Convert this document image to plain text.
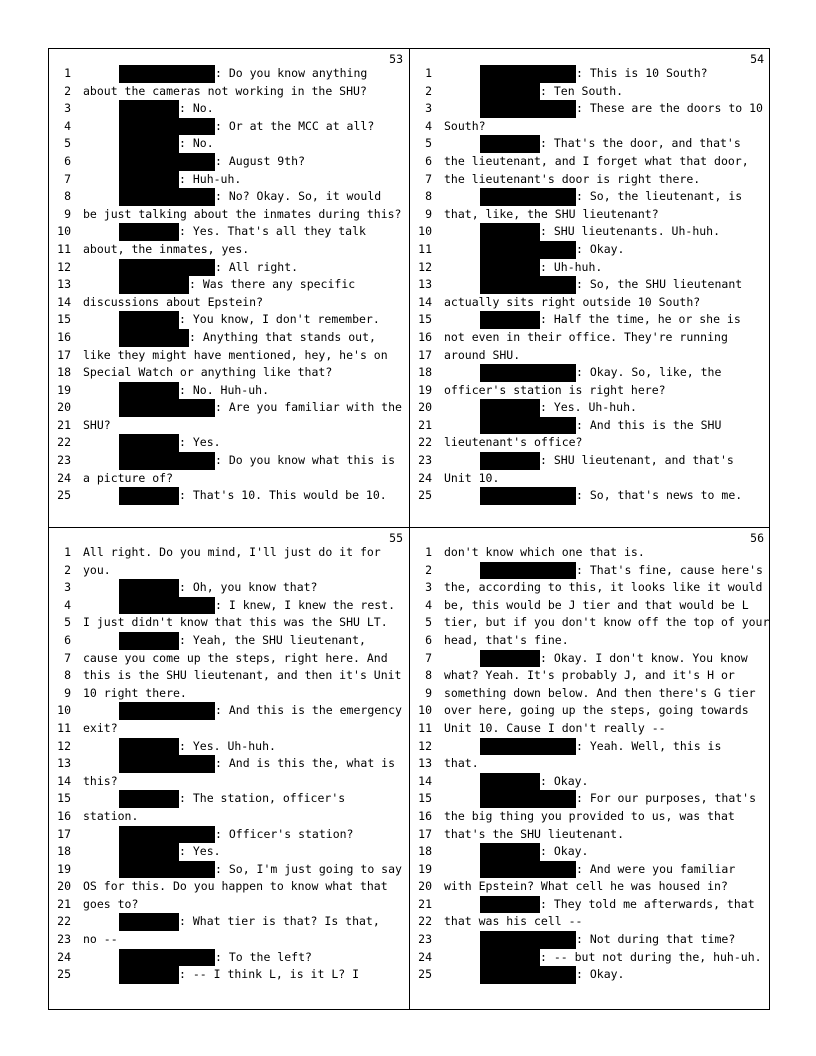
53
1	: Do you know anything
2 about the cameras not working in the SHU?
3	: No.
4	: Or at the MCC at all?
5	: No.
6	: August 9th?
7	: Huh-uh.
8	: No? Okay. So, it would
9 be just talking about the inmates during this?
10	: Yes. That's all they talk
11 about, the inmates, yes.
12	: All right.
13	: Was there any specific
14 discussions about Epstein?
15	: You know, I don't remember.
16	: Anything that stands out,
17 like they might have mentioned, hey, he's on
18 Special Watch or anything like that?
19	: No. Huh-uh.
20	: Are you familiar with the
21 SHU?
22	: Yes.
23	: Do you know what this is
24 a picture of?
25	: That's 10. This would be 10.
54
1	: This is 10 South?
2	: Ten South.
3	: These are the doors to 10
4 South?
5	: That's the door, and that's
6 the lieutenant, and I forget what that door,
7 the lieutenant's door is right there.
8	: So, the lieutenant, is
9 that, like, the SHU lieutenant?
10	: SHU lieutenants. Uh-huh.
11	: Okay.
12	: Uh-huh.
13	: So, the SHU lieutenant
14 actually sits right outside 10 South?
15	: Half the time, he or she is
16 not even in their office. They're running
17 around SHU.
18	: Okay. So, like, the
19 officer's station is right here?
20	: Yes. Uh-huh.
21	: And this is the SHU
22 lieutenant's office?
23	: SHU lieutenant, and that's
24 Unit 10.
25	: So, that's news to me.
55
1 All right. Do you mind, I'll just do it for
2 you.
3	: Oh, you know that?
4	: I knew, I knew the rest.
5 I just didn't know that this was the SHU LT.
6	: Yeah, the SHU lieutenant,
7 cause you come up the steps, right here. And
8 this is the SHU lieutenant, and then it's Unit
9 10 right there.
10	: And this is the emergency
11 exit?
12	: Yes. Uh-huh.
13	: And is this the, what is
14 this?
15	: The station, officer's
16 station.
17	: Officer's station?
18	: Yes.
19	: So, I'm just going to say
20 OS for this. Do you happen to know what that
21 goes to?
22	: What tier is that? Is that,
23 no --
24	: To the left?
25	: -- I think L, is it L? I
56
1 don't know which one that is.
2	: That's fine, cause here's
3 the, according to this, it looks like it would
4 be, this would be J tier and that would be L
5 tier, but if you don't know off the top of your
6 head, that's fine.
7	: Okay. I don't know. You know
8 what? Yeah. It's probably J, and it's H or
9 something down below. And then there's G tier
10 over here, going up the steps, going towards
11 Unit 10. Cause I don't really --
12	: Yeah. Well, this is
13 that.
14	: Okay.
15	: For our purposes, that's
16 the big thing you provided to us, was that
17 that's the SHU lieutenant.
18	: Okay.
19	: And were you familiar
20 with Epstein? What cell he was housed in?
21	: They told me afterwards, that
22 that was his cell --
23	: Not during that time?
24	: -- but not during the, huh-uh.
25	: Okay.
